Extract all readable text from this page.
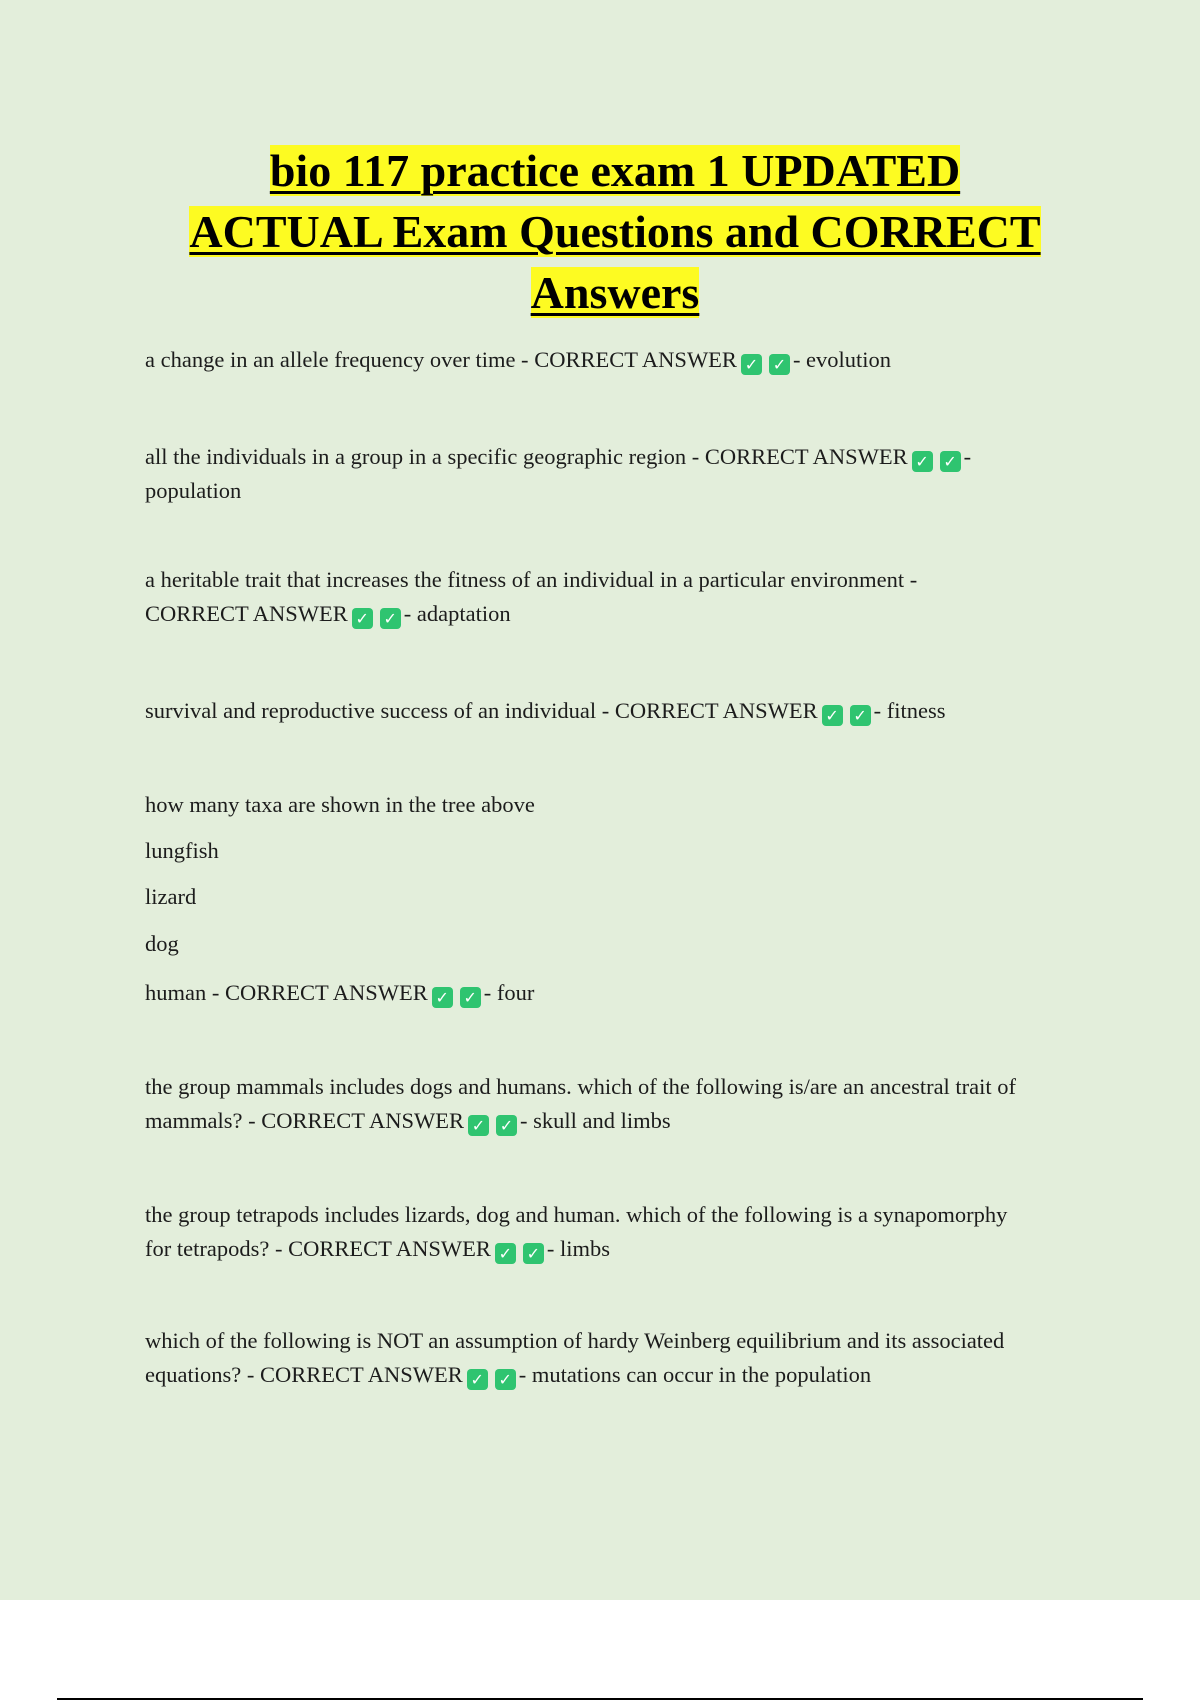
bio 117 practice exam 1 UPDATED
ACTUAL Exam Questions and CORRECT
Answers

a change in an allele frequency over time - CORRECT ANSWER ✓ ✓ - evolution

all the individuals in a group in a specific geographic region - CORRECT ANSWER ✓ ✓ -
population

a heritable trait that increases the fitness of an individual in a particular environment -
CORRECT ANSWER ✓ ✓ - adaptation

survival and reproductive success of an individual - CORRECT ANSWER ✓ ✓ - fitness

how many taxa are shown in the tree above

lungfish

lizard

dog

human - CORRECT ANSWER ✓ ✓ - four

the group mammals includes dogs and humans. which of the following is/are an ancestral trait of
mammals? - CORRECT ANSWER ✓ ✓ - skull and limbs

the group tetrapods includes lizards, dog and human. which of the following is a synapomorphy
for tetrapods? - CORRECT ANSWER ✓ ✓ - limbs

which of the following is NOT an assumption of hardy Weinberg equilibrium and its associated
equations? - CORRECT ANSWER ✓ ✓ - mutations can occur in the population
